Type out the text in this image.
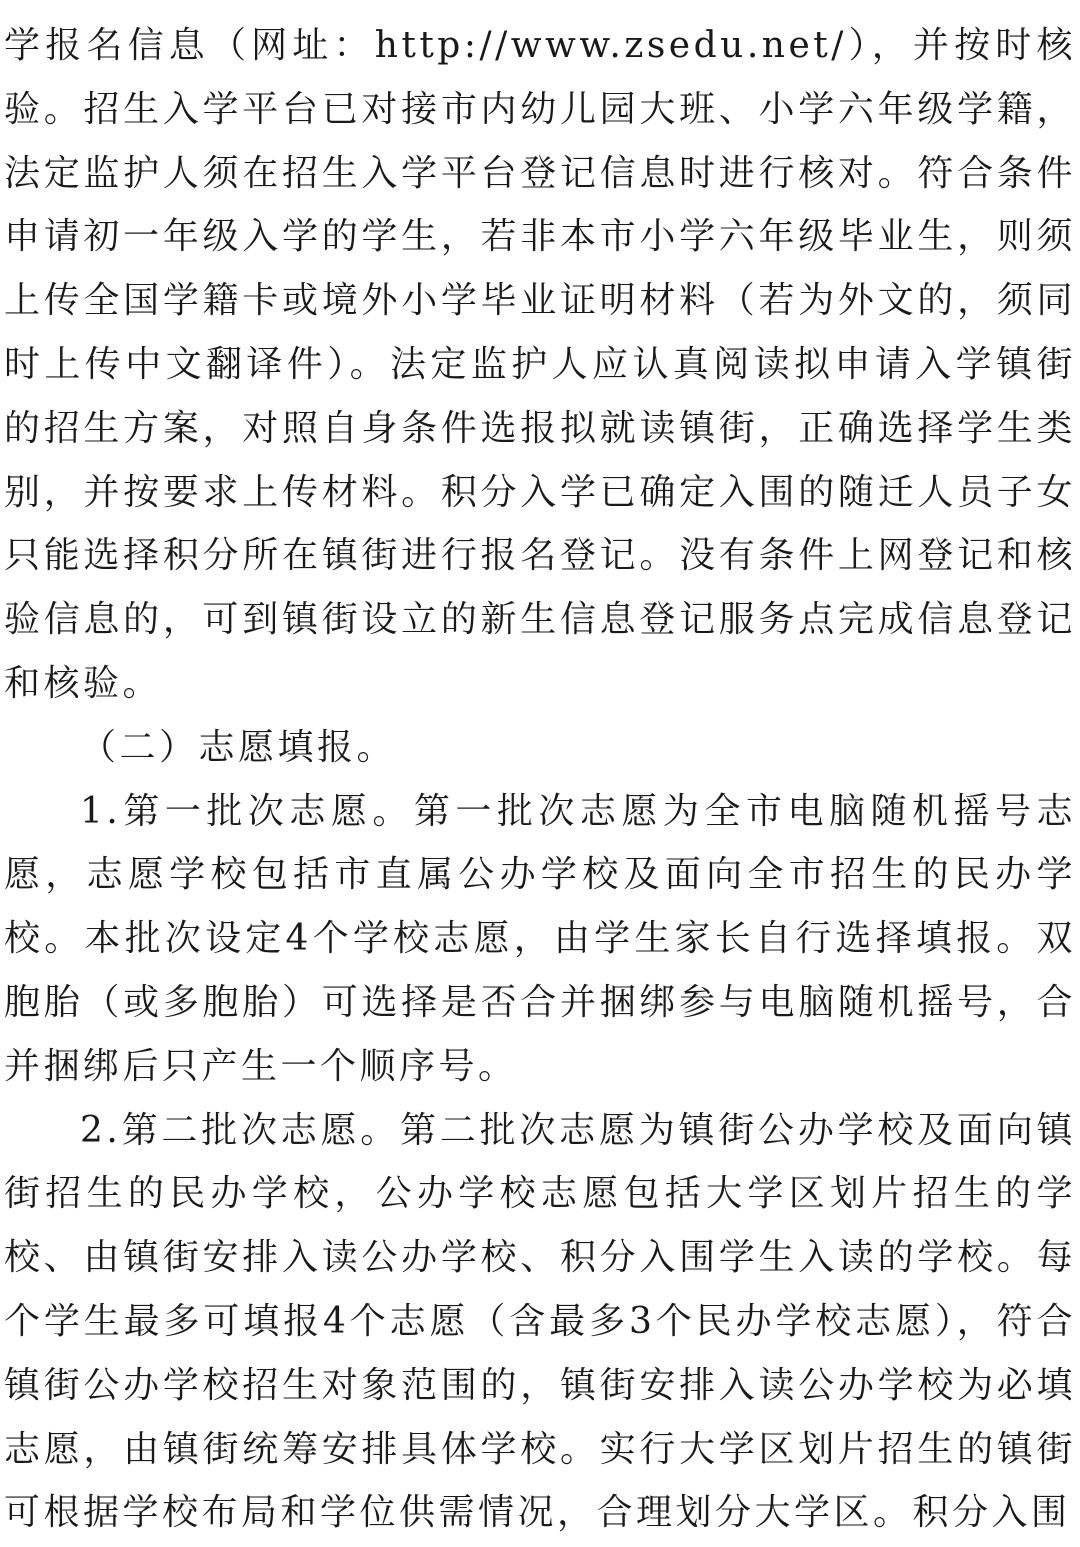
学报名信息（网址：http://www.zsedu.net/），并按时核验。招生入学平台已对接市内幼儿园大班、小学六年级学籍，法定监护人须在招生入学平台登记信息时进行核对。符合条件申请初一年级入学的学生，若非本市小学六年级毕业生，则须上传全国学籍卡或境外小学毕业证明材料（若为外文的，须同时上传中文翻译件）。法定监护人应认真阅读拟申请入学镇街的招生方案，对照自身条件选报拟就读镇街，正确选择学生类别，并按要求上传材料。积分入学已确定入围的随迁人员子女只能选择积分所在镇街进行报名登记。没有条件上网登记和核验信息的，可到镇街设立的新生信息登记服务点完成信息登记和核验。

（二）志愿填报。

1.第一批次志愿。第一批次志愿为全市电脑随机摇号志愿，志愿学校包括市直属公办学校及面向全市招生的民办学校。本批次设定4个学校志愿，由学生家长自行选择填报。双胞胎（或多胞胎）可选择是否合并捆绑参与电脑随机摇号，合并捆绑后只产生一个顺序号。

2.第二批次志愿。第二批次志愿为镇街公办学校及面向镇街招生的民办学校，公办学校志愿包括大学区划片招生的学校、由镇街安排入读公办学校、积分入围学生入读的学校。每个学生最多可填报4个志愿（含最多3个民办学校志愿），符合镇街公办学校招生对象范围的，镇街安排入读公办学校为必填志愿，由镇街统筹安排具体学校。实行大学区划片招生的镇街可根据学校布局和学位供需情况，合理划分大学区。积分入围
